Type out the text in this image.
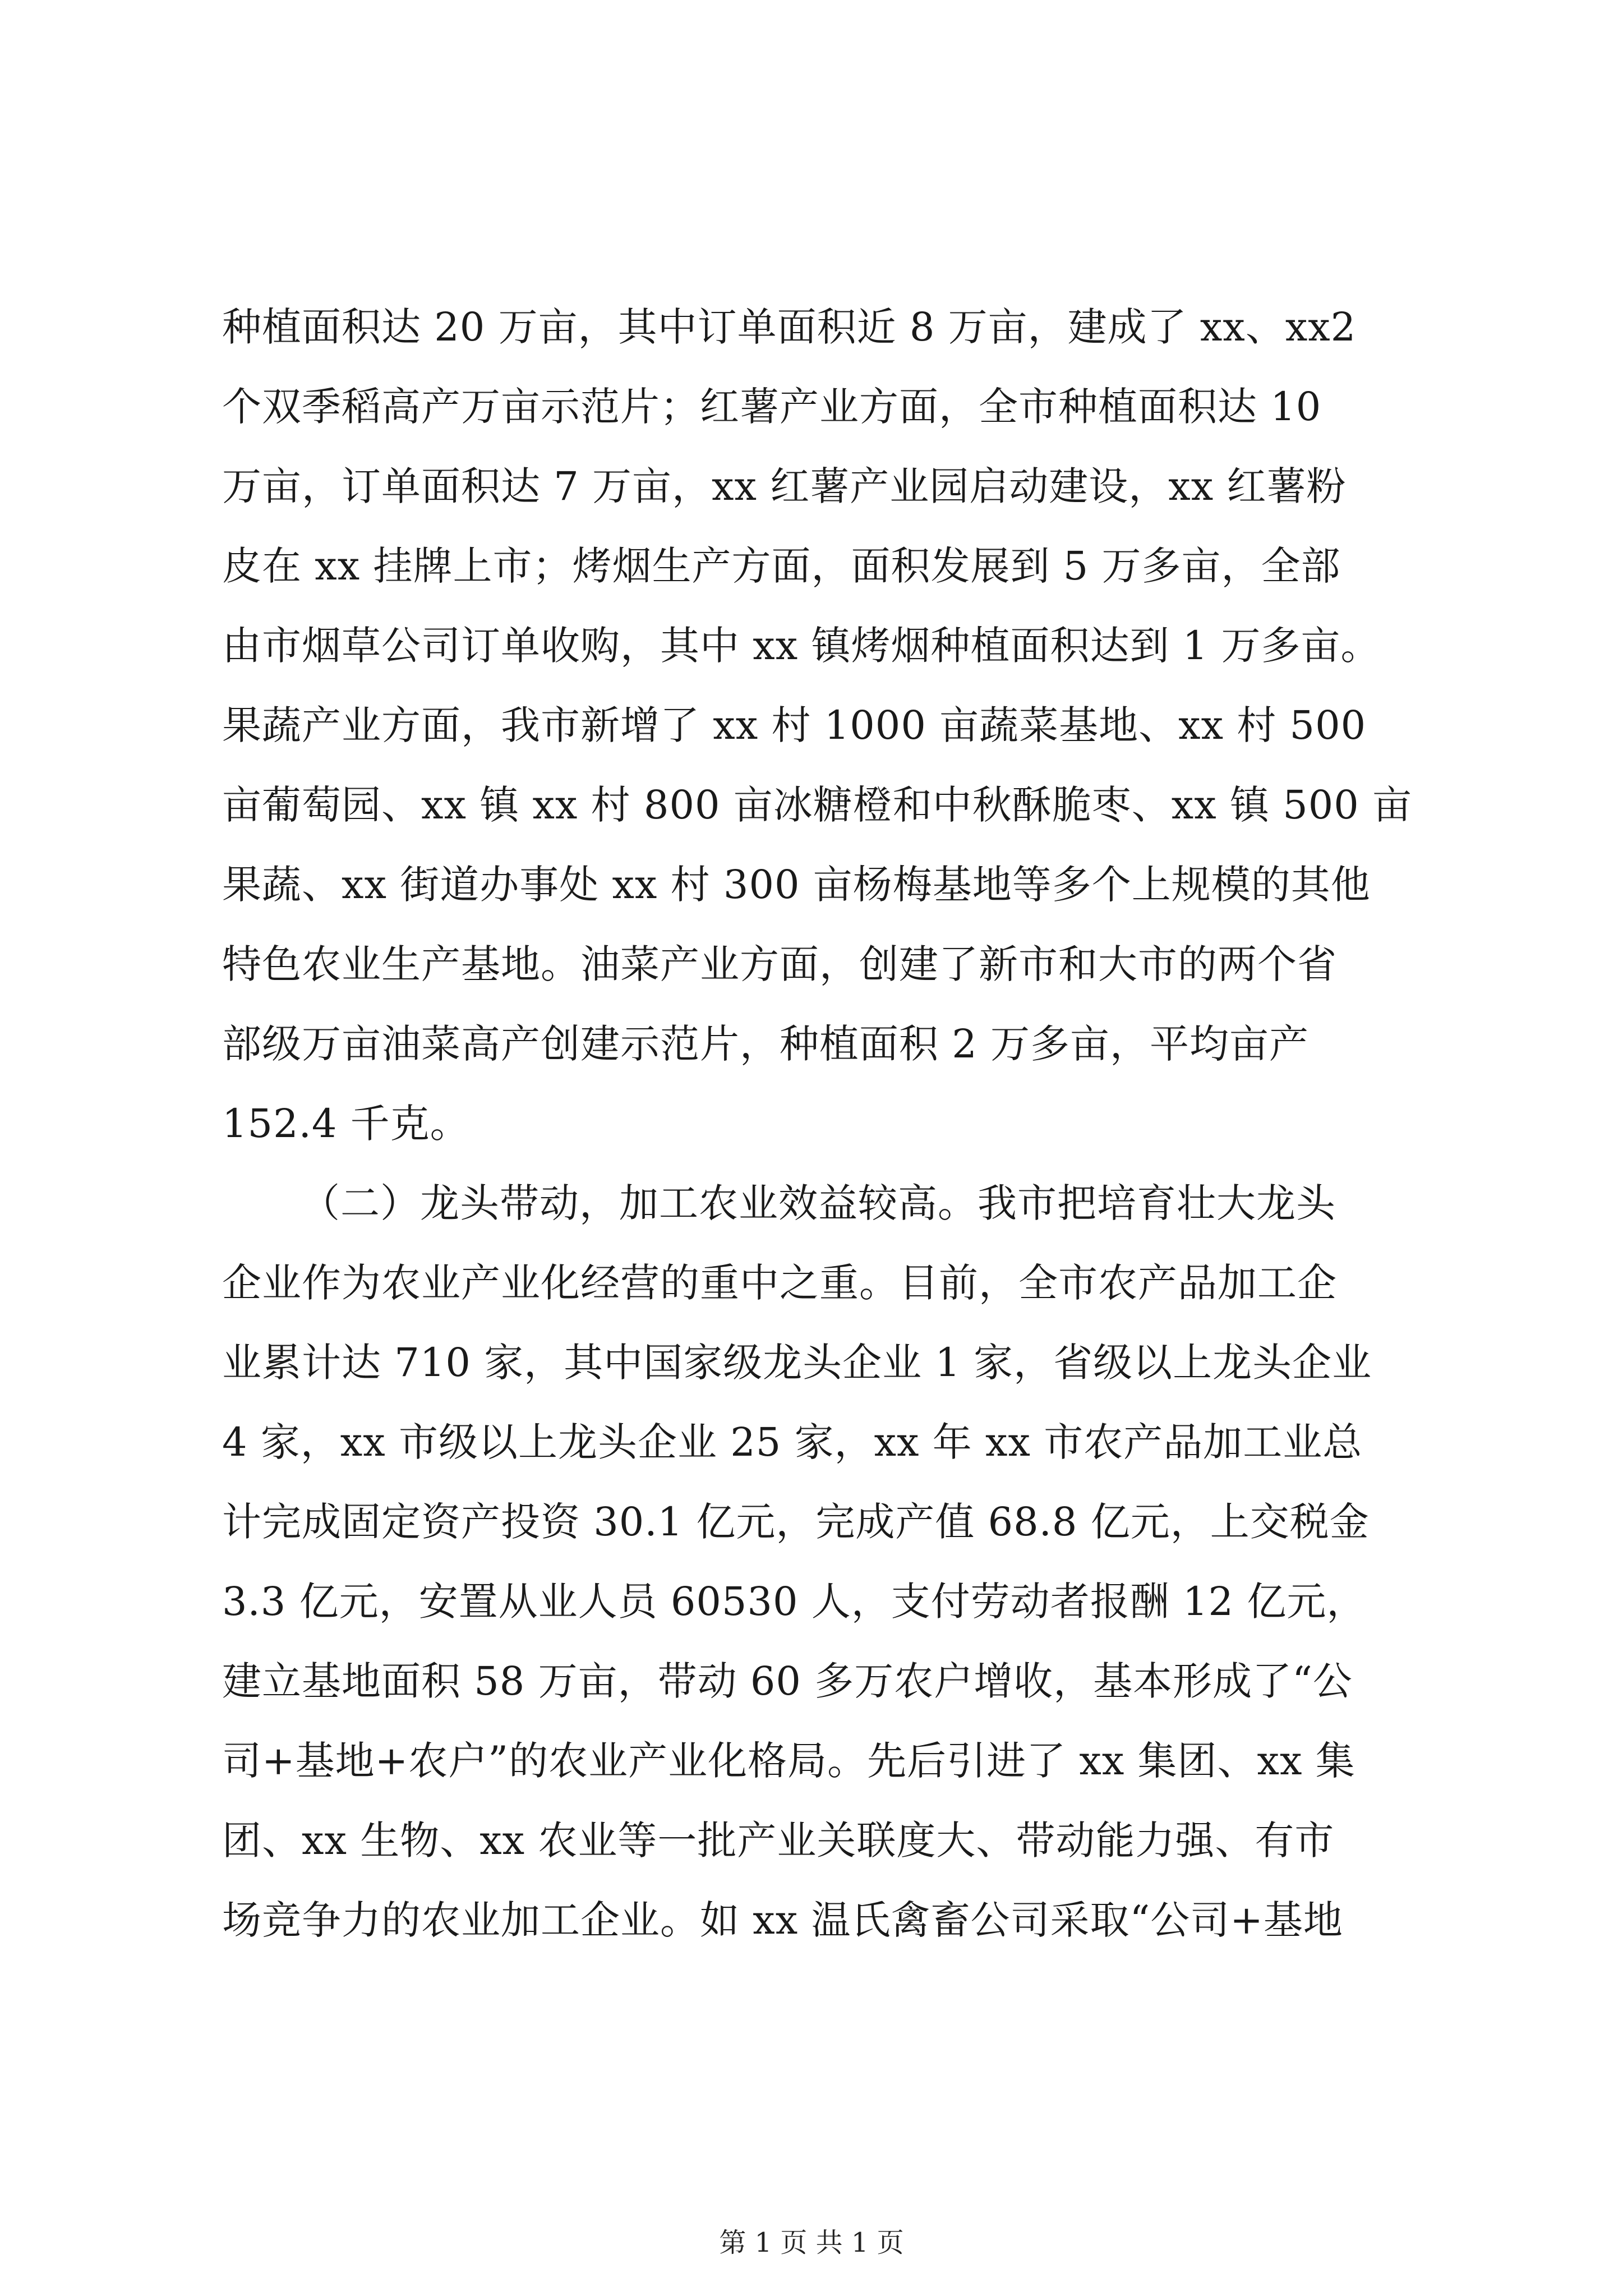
种植面积达 20 万亩，其中订单面积近 8 万亩，建成了 xx、xx2
个双季稻高产万亩示范片；红薯产业方面，全市种植面积达 10
万亩，订单面积达 7 万亩，xx 红薯产业园启动建设，xx 红薯粉
皮在 xx 挂牌上市；烤烟生产方面，面积发展到 5 万多亩，全部
由市烟草公司订单收购，其中 xx 镇烤烟种植面积达到 1 万多亩。
果蔬产业方面，我市新增了 xx 村 1000 亩蔬菜基地、xx 村 500
亩葡萄园、xx 镇 xx 村 800 亩冰糖橙和中秋酥脆枣、xx 镇 500 亩
果蔬、xx 街道办事处 xx 村 300 亩杨梅基地等多个上规模的其他
特色农业生产基地。油菜产业方面，创建了新市和大市的两个省
部级万亩油菜高产创建示范片，种植面积 2 万多亩，平均亩产
152.4 千克。
（二）龙头带动，加工农业效益较高。我市把培育壮大龙头
企业作为农业产业化经营的重中之重。目前，全市农产品加工企
业累计达 710 家，其中国家级龙头企业 1 家，省级以上龙头企业
4 家，xx 市级以上龙头企业 25 家，xx 年 xx 市农产品加工业总
计完成固定资产投资 30.1 亿元，完成产值 68.8 亿元，上交税金
3.3 亿元，安置从业人员 60530 人，支付劳动者报酬 12 亿元，
建立基地面积 58 万亩，带动 60 多万农户增收，基本形成了“公
司+基地+农户”的农业产业化格局。先后引进了 xx 集团、xx 集
团、xx 生物、xx 农业等一批产业关联度大、带动能力强、有市
场竞争力的农业加工企业。如 xx 温氏禽畜公司采取“公司+基地
第 1 页 共 1 页
